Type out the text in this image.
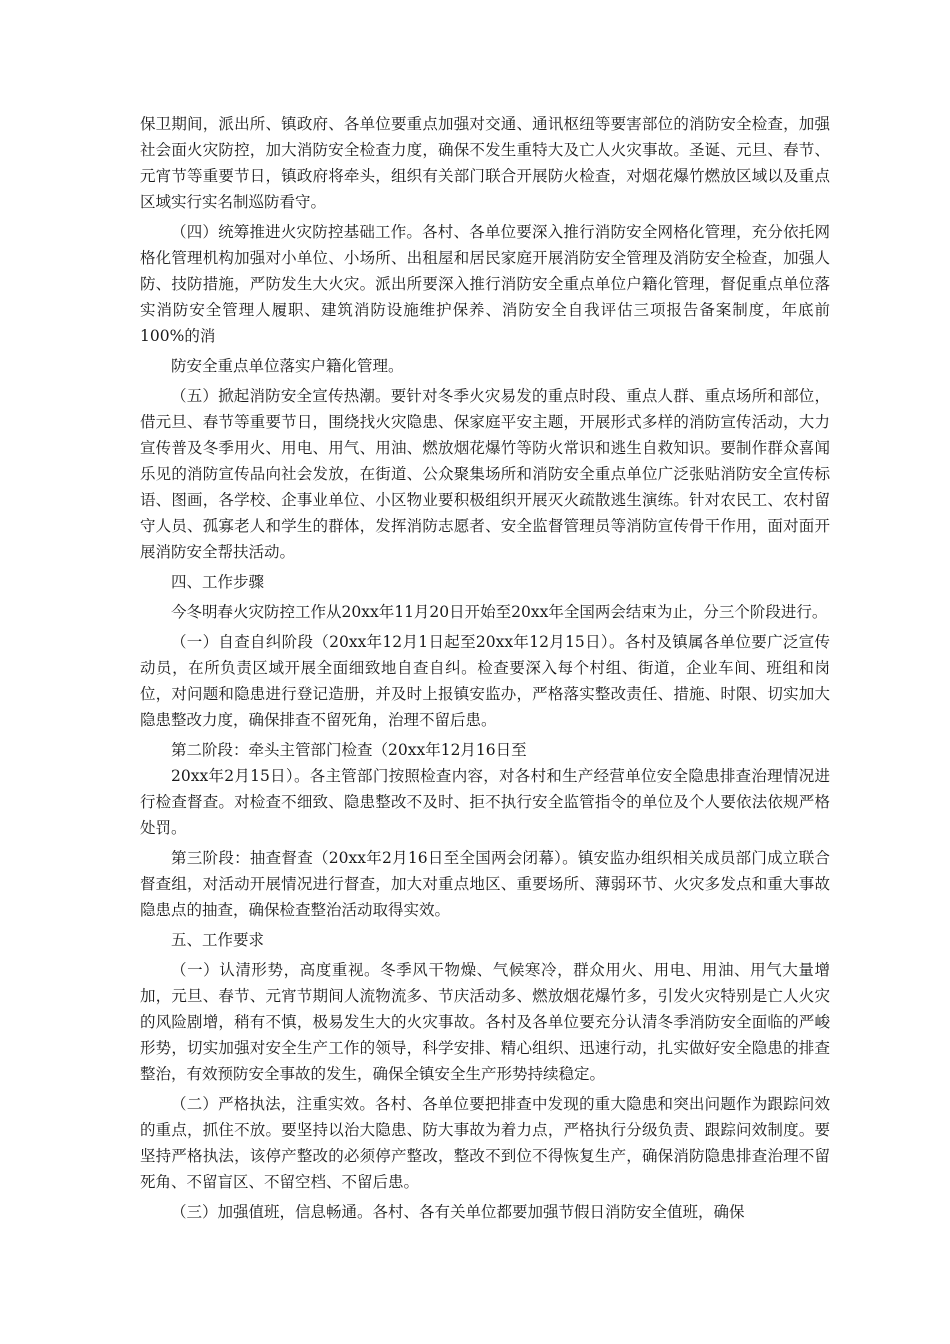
保卫期间，派出所、镇政府、各单位要重点加强对交通、通讯枢纽等要害部位的消防安全检查，加强社会面火灾防控，加大消防安全检查力度，确保不发生重特大及亡人火灾事故。圣诞、元旦、春节、元宵节等重要节日，镇政府将牵头，组织有关部门联合开展防火检查，对烟花爆竹燃放区域以及重点区域实行实名制巡防看守。

（四）统筹推进火灾防控基础工作。各村、各单位要深入推行消防安全网格化管理，充分依托网格化管理机构加强对小单位、小场所、出租屋和居民家庭开展消防安全管理及消防安全检查，加强人防、技防措施，严防发生大火灾。派出所要深入推行消防安全重点单位户籍化管理，督促重点单位落实消防安全管理人履职、建筑消防设施维护保养、消防安全自我评估三项报告备案制度，年底前100%的消

防安全重点单位落实户籍化管理。

（五）掀起消防安全宣传热潮。要针对冬季火灾易发的重点时段、重点人群、重点场所和部位，借元旦、春节等重要节日，围绕找火灾隐患、保家庭平安主题，开展形式多样的消防宣传活动，大力宣传普及冬季用火、用电、用气、用油、燃放烟花爆竹等防火常识和逃生自救知识。要制作群众喜闻乐见的消防宣传品向社会发放，在街道、公众聚集场所和消防安全重点单位广泛张贴消防安全宣传标语、图画，各学校、企事业单位、小区物业要积极组织开展灭火疏散逃生演练。针对农民工、农村留守人员、孤寡老人和学生的群体，发挥消防志愿者、安全监督管理员等消防宣传骨干作用，面对面开展消防安全帮扶活动。

四、工作步骤

今冬明春火灾防控工作从20xx年11月20日开始至20xx年全国两会结束为止，分三个阶段进行。

（一）自查自纠阶段（20xx年12月1日起至20xx年12月15日）。各村及镇属各单位要广泛宣传动员，在所负责区域开展全面细致地自查自纠。检查要深入每个村组、街道，企业车间、班组和岗位，对问题和隐患进行登记造册，并及时上报镇安监办，严格落实整改责任、措施、时限、切实加大隐患整改力度，确保排查不留死角，治理不留后患。

第二阶段：牵头主管部门检查（20xx年12月16日至

20xx年2月15日）。各主管部门按照检查内容，对各村和生产经营单位安全隐患排查治理情况进行检查督查。对检查不细致、隐患整改不及时、拒不执行安全监管指令的单位及个人要依法依规严格处罚。

第三阶段：抽查督查（20xx年2月16日至全国两会闭幕）。镇安监办组织相关成员部门成立联合督查组，对活动开展情况进行督查，加大对重点地区、重要场所、薄弱环节、火灾多发点和重大事故隐患点的抽查，确保检查整治活动取得实效。

五、工作要求

（一）认清形势，高度重视。冬季风干物燥、气候寒冷，群众用火、用电、用油、用气大量增加，元旦、春节、元宵节期间人流物流多、节庆活动多、燃放烟花爆竹多，引发火灾特别是亡人火灾的风险剧增，稍有不慎，极易发生大的火灾事故。各村及各单位要充分认清冬季消防安全面临的严峻形势，切实加强对安全生产工作的领导，科学安排、精心组织、迅速行动，扎实做好安全隐患的排查整治，有效预防安全事故的发生，确保全镇安全生产形势持续稳定。

（二）严格执法，注重实效。各村、各单位要把排查中发现的重大隐患和突出问题作为跟踪问效的重点，抓住不放。要坚持以治大隐患、防大事故为着力点，严格执行分级负责、跟踪问效制度。要坚持严格执法，该停产整改的必须停产整改，整改不到位不得恢复生产，确保消防隐患排查治理不留死角、不留盲区、不留空档、不留后患。

（三）加强值班，信息畅通。各村、各有关单位都要加强节假日消防安全值班，确保
